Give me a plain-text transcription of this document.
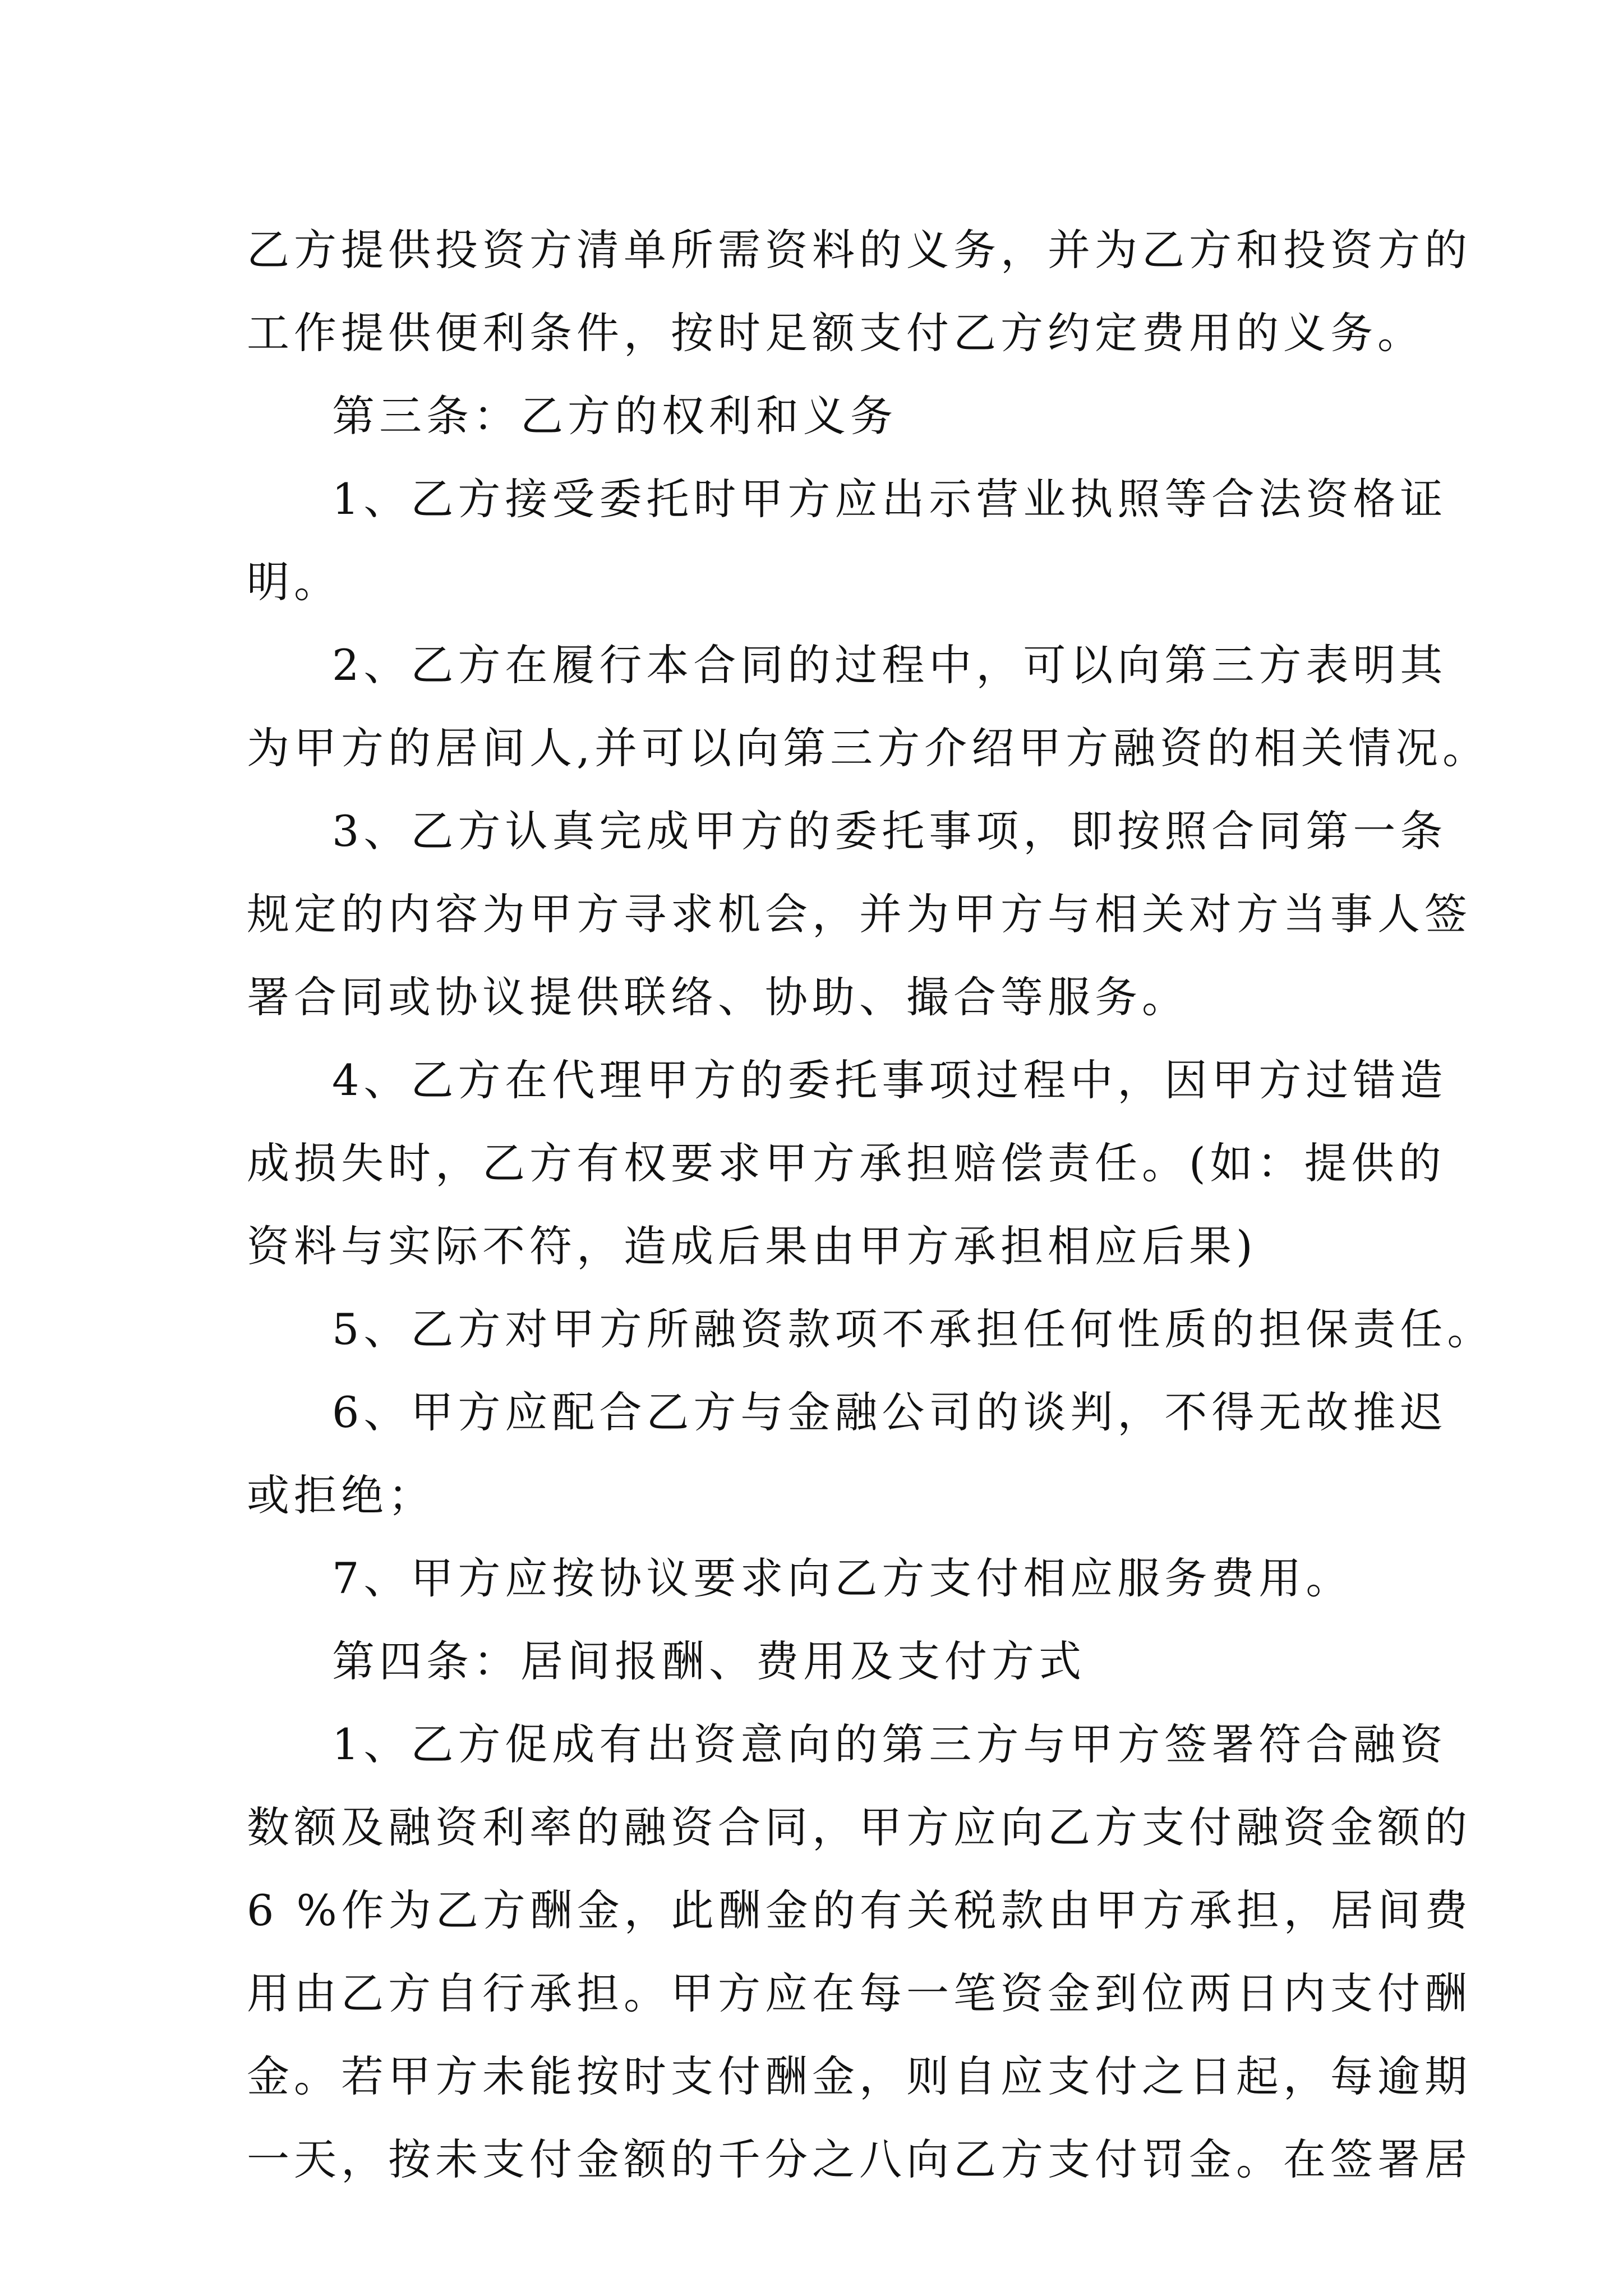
乙方提供投资方清单所需资料的义务，并为乙方和投资方的
工作提供便利条件，按时足额支付乙方约定费用的义务。
第三条：乙方的权利和义务
1、乙方接受委托时甲方应出示营业执照等合法资格证
明。
2、乙方在履行本合同的过程中，可以向第三方表明其
为甲方的居间人,并可以向第三方介绍甲方融资的相关情况。
3、乙方认真完成甲方的委托事项，即按照合同第一条
规定的内容为甲方寻求机会，并为甲方与相关对方当事人签
署合同或协议提供联络、协助、撮合等服务。
4、乙方在代理甲方的委托事项过程中，因甲方过错造
成损失时，乙方有权要求甲方承担赔偿责任。(如：提供的
资料与实际不符，造成后果由甲方承担相应后果)
5、乙方对甲方所融资款项不承担任何性质的担保责任。
6、甲方应配合乙方与金融公司的谈判，不得无故推迟
或拒绝；
7、甲方应按协议要求向乙方支付相应服务费用。
第四条：居间报酬、费用及支付方式
1、乙方促成有出资意向的第三方与甲方签署符合融资
数额及融资利率的融资合同，甲方应向乙方支付融资金额的
6 %作为乙方酬金，此酬金的有关税款由甲方承担，居间费
用由乙方自行承担。甲方应在每一笔资金到位两日内支付酬
金。若甲方未能按时支付酬金，则自应支付之日起，每逾期
一天，按未支付金额的千分之八向乙方支付罚金。在签署居
